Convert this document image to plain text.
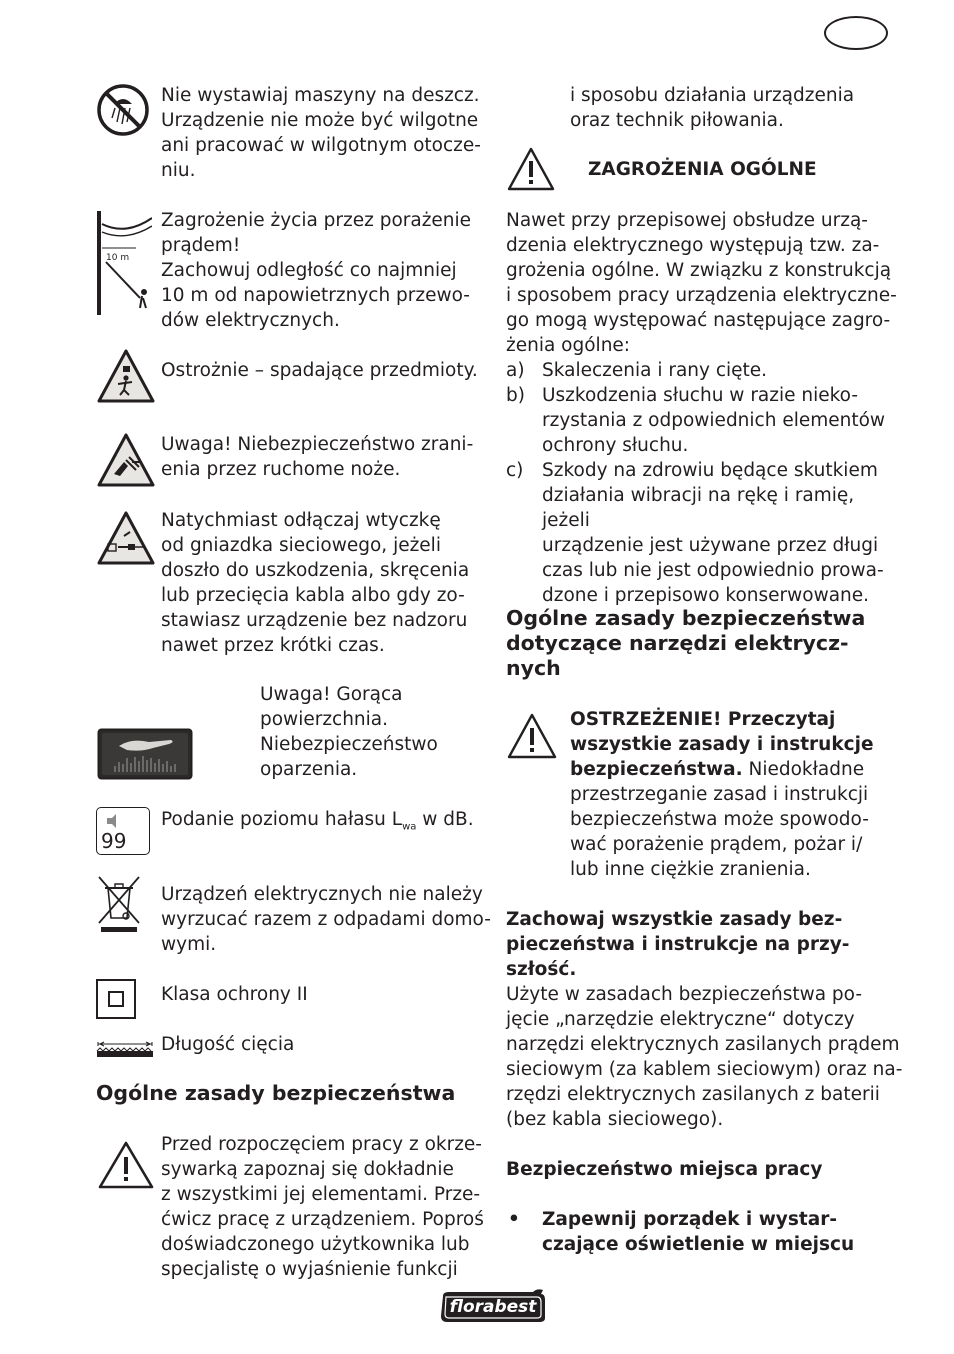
10 m
99
Nie wystawiaj maszyny na deszcz.
Urządzenie nie może być wilgotne
ani pracować w wilgotnym otocze-
niu.
Zagrożenie życia przez porażenie
prądem!
Zachowuj odległość co najmniej
10 m od napowietrznych przewo-
dów elektrycznych.
Ostrożnie – spadające przedmioty.
Uwaga! Niebezpieczeństwo zrani-
enia przez ruchome noże.
Natychmiast odłączaj wtyczkę
od gniazdka sieciowego, jeżeli
doszło do uszkodzenia, skręcenia
lub przecięcia kabla albo gdy zo-
stawiasz urządzenie bez nadzoru
nawet przez krótki czas.
Uwaga! Gorąca
powierzchnia.
Niebezpieczeństwo
oparzenia.
Podanie poziomu hałasu $L_{wa}$ w dB.
Urządzeń elektrycznych nie należy
wyrzucać razem z odpadami domo-
wymi.
Klasa ochrony II
Długość cięcia
Ogólne zasady bezpieczeństwa
Przed rozpoczęciem pracy z okrze-
sywarką zapoznaj się dokładnie
z wszystkimi jej elementami. Prze-
ćwicz pracę z urządzeniem. Poproś
doświadczonego użytkownika lub
specjalistę o wyjaśnienie funkcji
i sposobu działania urządzenia
oraz technik piłowania.
ZAGROŻENIA OGÓLNE
Nawet przy przepisowej obsłudze urzą-
dzenia elektrycznego występują tzw. za-
grożenia ogólne. W związku z konstrukcją
i sposobem pracy urządzenia elektryczne-
go mogą występować następujące zagro-
żenia ogólne:
a) Skaleczenia i rany cięte.
b) Uszkodzenia słuchu w razie nieko-
rzystania z odpowiednich elementów
ochrony słuchu.
c) Szkody na zdrowiu będące skutkiem
działania wibracji na rękę i ramię, jeżeli
urządzenie jest używane przez długi
czas lub nie jest odpowiednio prowa-
dzone i przepisowo konserwowane.
Ogólne zasady bezpieczeństwa
dotyczące narzędzi elektrycz-
nych
OSTRZEŻENIE! Przeczytaj
wszystkie zasady i instrukcje
bezpieczeństwa. Niedokładne
przestrzeganie zasad i instrukcji
bezpieczeństwa może spowodo-
wać porażenie prądem, pożar i/
lub inne ciężkie zranienia.
Zachowaj wszystkie zasady bez-
pieczeństwa i instrukcje na przy-
szłość.
Użyte w zasadach bezpieczeństwa po-
jęcie „narzędzie elektryczne“ dotyczy
narzędzi elektrycznych zasilanych prądem
sieciowym (za kablem sieciowym) oraz na-
rzędzi elektrycznych zasilanych z baterii
(bez kabla sieciowego).
Bezpieczeństwo miejsca pracy
• Zapewnij porządek i wystar-
czające oświetlenie w miejscu
florabest
